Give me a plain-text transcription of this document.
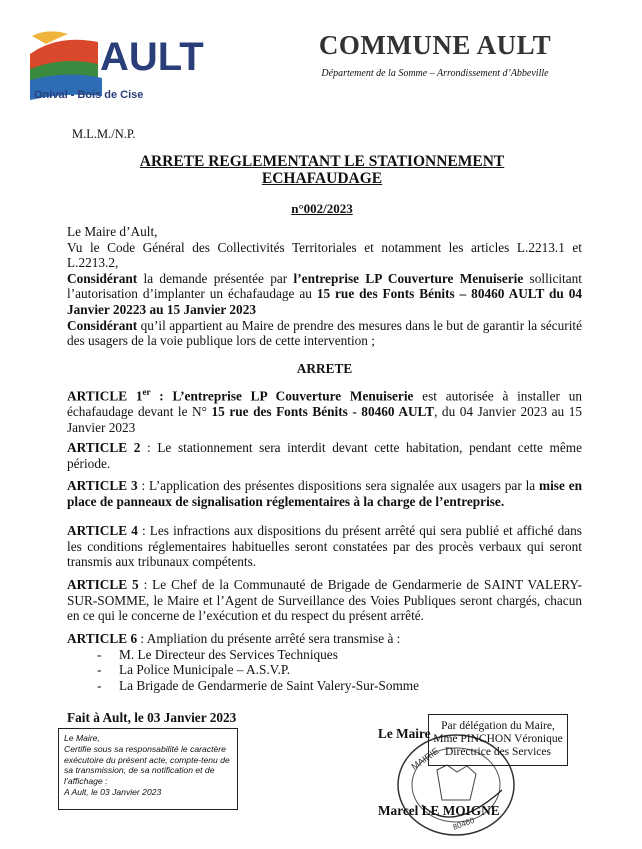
AULT
Onival - Bois de Cise
COMMUNE AULT
Département de la Somme – Arrondissement d’Abbeville
M.L.M./N.P.
ARRETE REGLEMENTANT LE STATIONNEMENT
ECHAFAUDAGE
n°002/2023

Le Maire d’Ault,

Vu le Code Général des Collectivités Territoriales et notamment les articles L.2213.1 et L.2213.2,

Considérant la demande présentée par l’entreprise LP Couverture Menuiserie sollicitant l’autorisation d’implanter un échafaudage au 15 rue des Fonts Bénits – 80460 AULT du 04 Janvier 20223 au 15 Janvier 2023

Considérant qu’il appartient au Maire de prendre des mesures dans le but de garantir la sécurité des usagers de la voie publique lors de cette intervention ;

ARRETE

ARTICLE 1er : L’entreprise LP Couverture Menuiserie est autorisée à installer un échafaudage devant le N° 15 rue des Fonts Bénits - 80460 AULT, du 04 Janvier 2023 au 15 Janvier 2023

ARTICLE 2 : Le stationnement sera interdit devant cette habitation, pendant cette même période.

ARTICLE 3 : L’application des présentes dispositions sera signalée aux usagers par la mise en place de panneaux de signalisation réglementaires à la charge de l’entreprise.

ARTICLE 4 : Les infractions aux dispositions du présent arrêté qui sera publié et affiché dans les conditions réglementaires habituelles seront constatées par des procès verbaux qui seront transmis aux tribunaux compétents.

ARTICLE 5 : Le Chef de la Communauté de Brigade de Gendarmerie de SAINT VALERY-SUR-SOMME, le Maire et l’Agent de Surveillance des Voies Publiques seront chargés, chacun en ce qui le concerne de l’exécution et du respect du présent arrêté.

ARTICLE 6 : Ampliation du présente arrêté sera transmise à :

- M. Le Directeur des Services Techniques
- La Police Municipale – A.S.V.P.
- La Brigade de Gendarmerie de Saint Valery-Sur-Somme
Fait à Ault, le 03 Janvier 2023
Le Maire,
Certifie sous sa responsabilité le caractère exécutoire du présent acte, compte-tenu de sa transmission, de sa notification et de l’affichage :
A Ault, le 03 Janvier 2023
MAIRIE
80460
Le Maire Par délégation du Maire,
Mme PINCHON Véronique
Directrice des Services
Marcel LE MOIGNE
